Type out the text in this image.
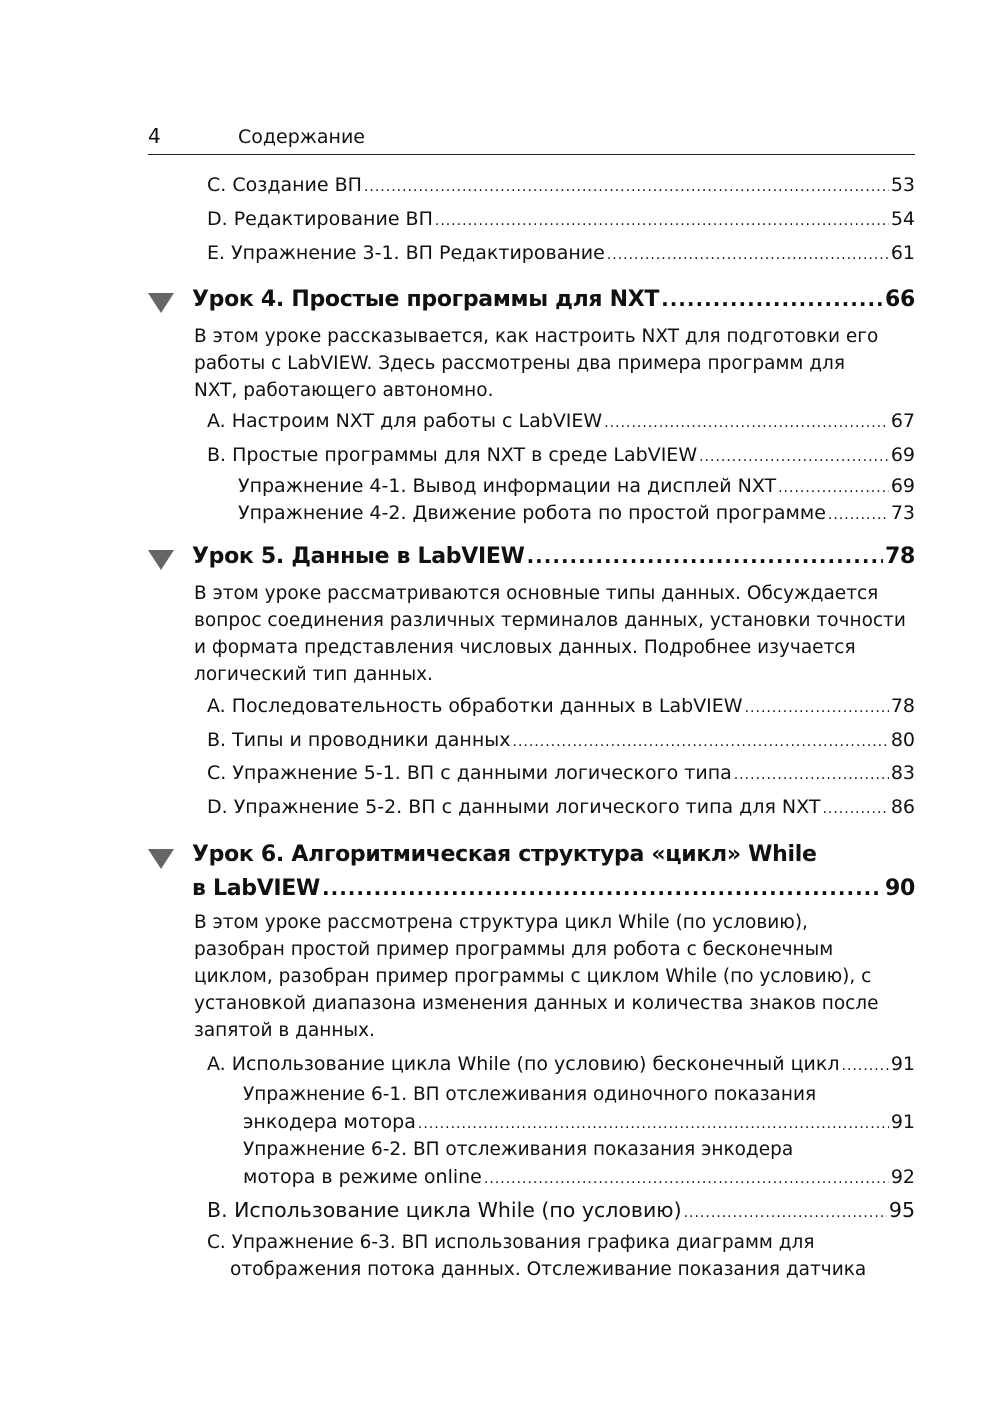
4	Содержание
C. Создание ВП .....	53
D. Редактирование ВП .....	54
E. Упражнение 3-1. ВП Редактирование .....	61
Урок 4. Простые программы для NXT .....	66
В этом уроке рассказывается, как настроить NXT для подготовки его
работы с LabVIEW. Здесь рассмотрены два примера программ для
NXT, работающего автономно.
A. Настроим NXT для работы с LabVIEW .....	67
B. Простые программы для NXT в среде LabVIEW .....	69
Упражнение 4-1. Вывод информации на дисплей NXT .....	69
Упражнение 4-2. Движение робота по простой программе .....	73
Урок 5. Данные в LabVIEW .....	78
В этом уроке рассматриваются основные типы данных. Обсуждается
вопрос соединения различных терминалов данных, установки точности
и формата представления числовых данных. Подробнее изучается
логический тип данных.
A. Последовательность обработки данных в LabVIEW .....	78
B. Типы и проводники данных .....	80
C. Упражнение 5-1. ВП с данными логического типа .....	83
D. Упражнение 5-2. ВП с данными логического типа для NXT .....	86
Урок 6. Алгоритмическая структура «цикл» While
в LabVIEW .....	90
В этом уроке рассмотрена структура цикл While (по условию),
разобран простой пример программы для робота с бесконечным
циклом, разобран пример программы с циклом While (по условию), с
установкой диапазона изменения данных и количества знаков после
запятой в данных.
A. Использование цикла While (по условию) бесконечный цикл .....	91
Упражнение 6-1. ВП отслеживания одиночного показания
энкодера мотора .....	91
Упражнение 6-2. ВП отслеживания показания энкодера
мотора в режиме online .....	92
B. Использование цикла While (по условию) .....	95
C. Упражнение 6-3. ВП использования графика диаграмм для
отображения потока данных. Отслеживание показания датчика
